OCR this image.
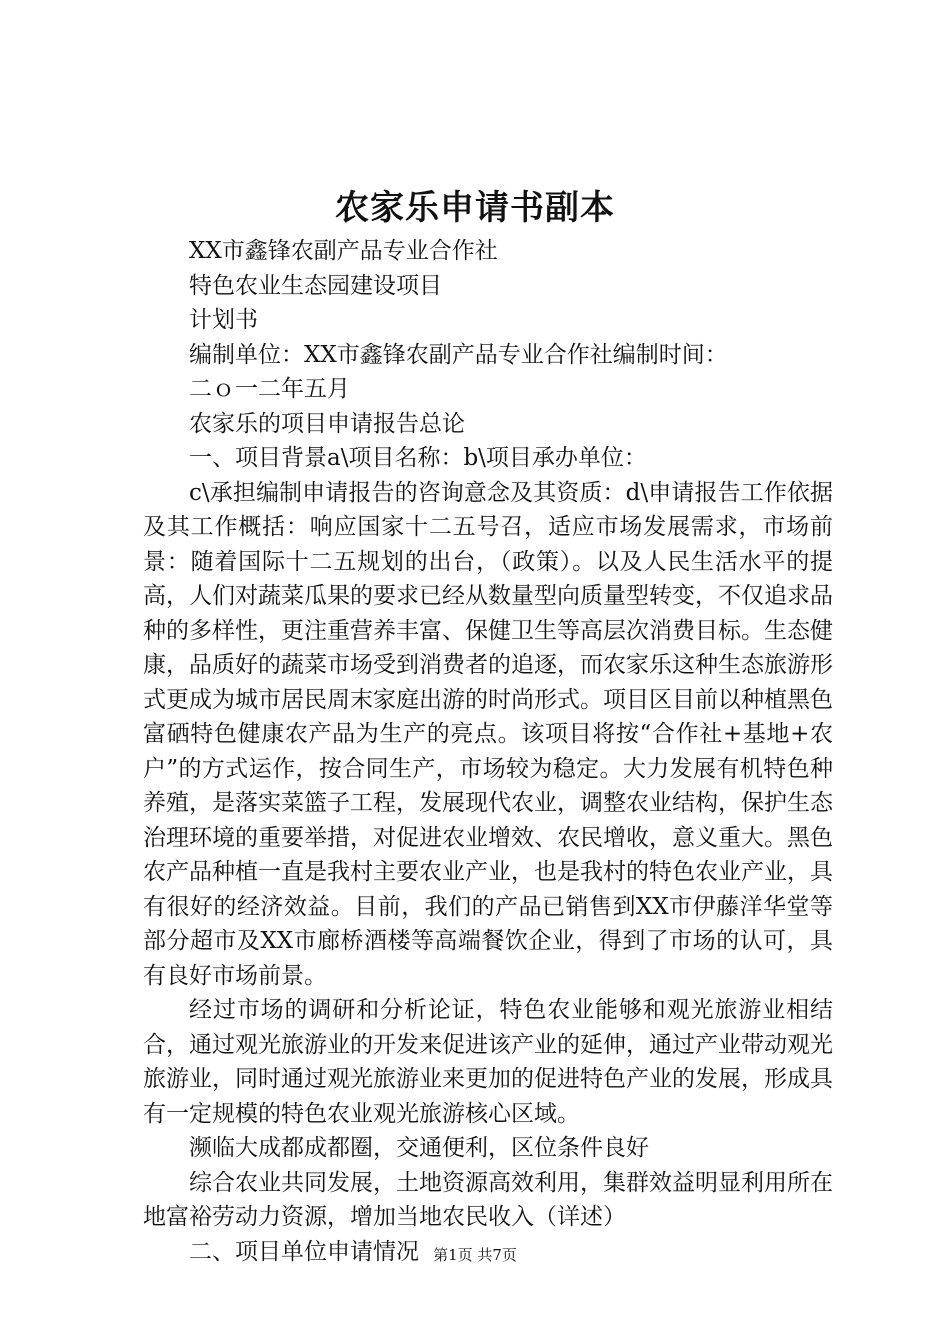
农家乐申请书副本

XX市鑫锋农副产品专业合作社

特色农业生态园建设项目

计划书

编制单位：XX市鑫锋农副产品专业合作社编制时间：

二ｏ一二年五月

农家乐的项目申请报告总论

一、项目背景a\项目名称：b\项目承办单位：

c\承担编制申请报告的咨询意念及其资质：d\申请报告工作依据及其工作概括：响应国家十二五号召，适应市场发展需求，市场前景：随着国际十二五规划的出台，（政策）。以及人民生活水平的提高，人们对蔬菜瓜果的要求已经从数量型向质量型转变，不仅追求品种的多样性，更注重营养丰富、保健卫生等高层次消费目标。生态健康，品质好的蔬菜市场受到消费者的追逐，而农家乐这种生态旅游形式更成为城市居民周末家庭出游的时尚形式。项目区目前以种植黑色富硒特色健康农产品为生产的亮点。该项目将按“合作社+基地+农户”的方式运作，按合同生产，市场较为稳定。大力发展有机特色种养殖，是落实菜篮子工程，发展现代农业，调整农业结构，保护生态治理环境的重要举措，对促进农业增效、农民增收，意义重大。黑色农产品种植一直是我村主要农业产业，也是我村的特色农业产业，具有很好的经济效益。目前，我们的产品已销售到XX市伊藤洋华堂等部分超市及XX市廊桥酒楼等高端餐饮企业，得到了市场的认可，具有良好市场前景。

经过市场的调研和分析论证，特色农业能够和观光旅游业相结合，通过观光旅游业的开发来促进该产业的延伸，通过产业带动观光旅游业，同时通过观光旅游业来更加的促进特色产业的发展，形成具有一定规模的特色农业观光旅游核心区域。

濒临大成都成都圈，交通便利，区位条件良好

综合农业共同发展，土地资源高效利用，集群效益明显利用所在地富裕劳动力资源，增加当地农民收入（详述）

二、项目单位申请情况 第1页 共7页
